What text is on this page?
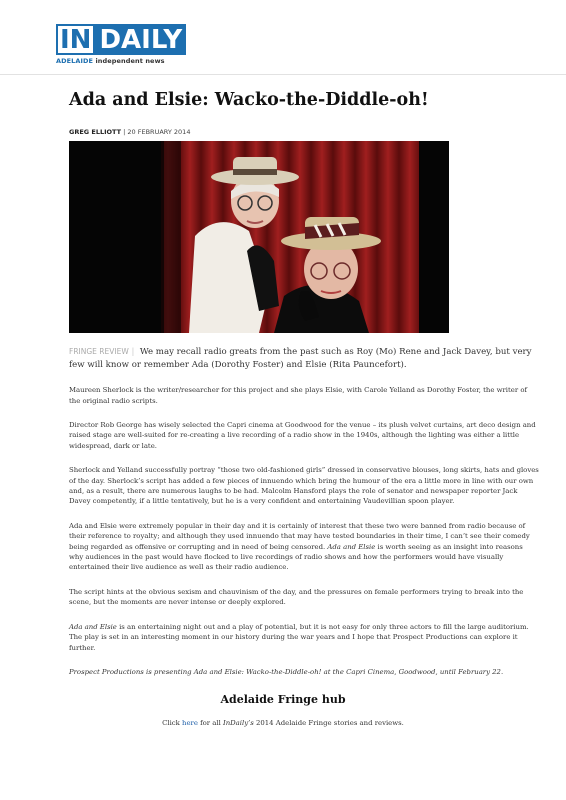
IN DAILY
ADELAIDE independent news
Ada and Elsie: Wacko-the-Diddle-oh!
GREG ELLIOTT | 20 FEBRUARY 2014

FRINGE REVIEW | We may recall radio greats from the past such as Roy (Mo) Rene and Jack Davey, but very few will know or remember Ada (Dorothy Foster) and Elsie (Rita Pauncefort).

Maureen Sherlock is the writer/researcher for this project and she plays Elsie, with Carole Yelland as Dorothy Foster, the writer of the original radio scripts.

Director Rob George has wisely selected the Capri cinema at Goodwood for the venue – its plush velvet curtains, art deco design and raised stage are well-suited for re-creating a live recording of a radio show in the 1940s, although the lighting was either a little widespread, dark or late.

Sherlock and Yelland successfully portray “those two old-fashioned girls” dressed in conservative blouses, long skirts, hats and gloves of the day. Sherlock’s script has added a few pieces of innuendo which bring the humour of the era a little more in line with our own and, as a result, there are numerous laughs to be had. Malcolm Hansford plays the role of senator and newspaper reporter Jack Davey competently, if a little tentatively, but he is a very confident and entertaining Vaudevillian spoon player.

Ada and Elsie were extremely popular in their day and it is certainly of interest that these two were banned from radio because of their reference to royalty; and although they used innuendo that may have tested boundaries in their time, I can’t see their comedy being regarded as offensive or corrupting and in need of being censored. Ada and Elsie is worth seeing as an insight into reasons why audiences in the past would have flocked to live recordings of radio shows and how the performers would have visually entertained their live audience as well as their radio audience.

The script hints at the obvious sexism and chauvinism of the day, and the pressures on female performers trying to break into the scene, but the moments are never intense or deeply explored.

Ada and Elsie is an entertaining night out and a play of potential, but it is not easy for only three actors to fill the large auditorium. The play is set in an interesting moment in our history during the war years and I hope that Prospect Productions can explore it further.

Prospect Productions is presenting Ada and Elsie: Wacko-the-Diddle-oh! at the Capri Cinema, Goodwood, until February 22.

Adelaide Fringe hub
Click here for all InDaily’s 2014 Adelaide Fringe stories and reviews.
